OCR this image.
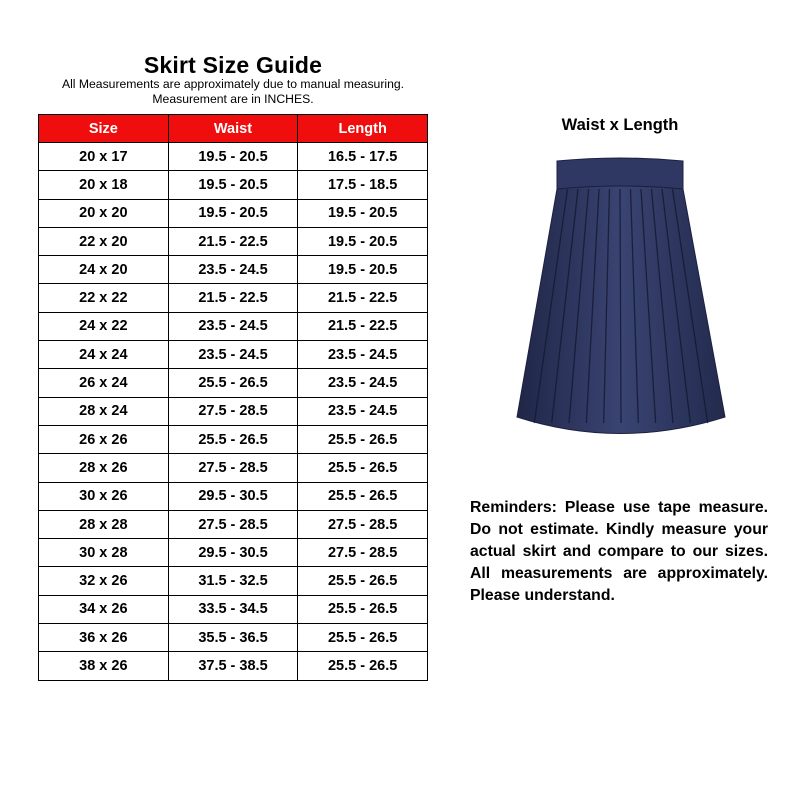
Skirt Size Guide
All Measurements are approximately due to manual measuring.
Measurement are in INCHES.
Size	Waist	Length
20 x 17	19.5 - 20.5	16.5 - 17.5
20 x 18	19.5 - 20.5	17.5 - 18.5
20 x 20	19.5 - 20.5	19.5 - 20.5
22 x 20	21.5 - 22.5	19.5 - 20.5
24 x 20	23.5 - 24.5	19.5 - 20.5
22 x 22	21.5 - 22.5	21.5 - 22.5
24 x 22	23.5 - 24.5	21.5 - 22.5
24 x 24	23.5 - 24.5	23.5 - 24.5
26 x 24	25.5 - 26.5	23.5 - 24.5
28 x 24	27.5 - 28.5	23.5 - 24.5
26 x 26	25.5 - 26.5	25.5 - 26.5
28 x 26	27.5 - 28.5	25.5 - 26.5
30 x 26	29.5 - 30.5	25.5 - 26.5
28 x 28	27.5 - 28.5	27.5 - 28.5
30 x 28	29.5 - 30.5	27.5 - 28.5
32 x 26	31.5 - 32.5	25.5 - 26.5
34 x 26	33.5 - 34.5	25.5 - 26.5
36 x 26	35.5 - 36.5	25.5 - 26.5
38 x 26	37.5 - 38.5	25.5 - 26.5
Waist x Length
Reminders: Please use tape measure. Do not estimate. Kindly measure your actual skirt and compare to our sizes. All measurements are approximately. Please understand.
